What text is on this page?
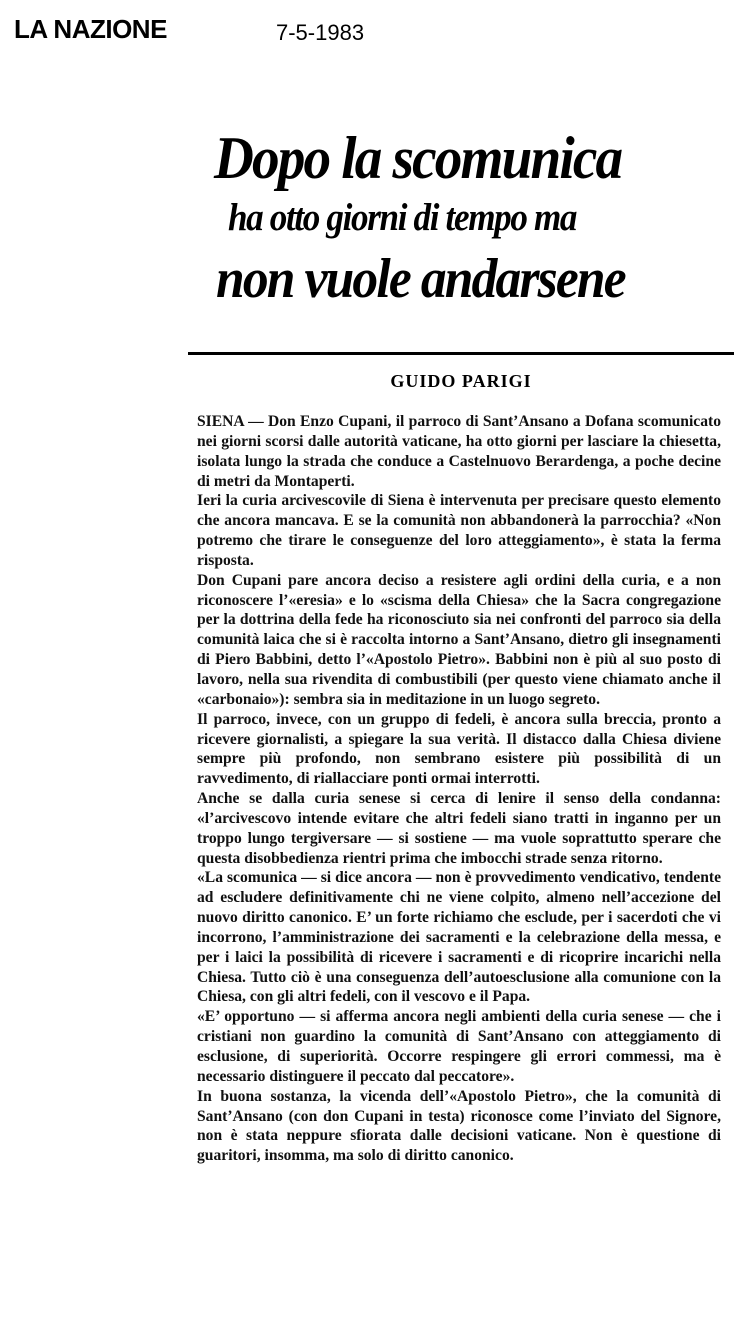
LA NAZIONE	7-5-1983
Dopo la scomunica
ha otto giorni di tempo ma
non vuole andarsene
GUIDO PARIGI

SIENA — Don Enzo Cupani, il parroco di Sant’Ansano a Dofana scomunicato nei giorni scorsi dalle autorità vaticane, ha otto giorni per lasciare la chiesetta, isolata lungo la strada che conduce a Castelnuovo Berardenga, a poche decine di metri da Montaperti.

Ieri la curia arcivescovile di Siena è intervenuta per precisare questo elemento che ancora mancava. E se la comunità non abbandonerà la parrocchia? «Non potremo che tirare le conseguenze del loro atteggiamento», è stata la ferma risposta.

Don Cupani pare ancora deciso a resistere agli ordini della curia, e a non riconoscere l’«eresia» e lo «scisma della Chiesa» che la Sacra congregazione per la dottrina della fede ha riconosciuto sia nei confronti del parroco sia della comunità laica che si è raccolta intorno a Sant’Ansano, dietro gli insegnamenti di Piero Babbini, detto l’«Apostolo Pietro». Babbini non è più al suo posto di lavoro, nella sua rivendita di combustibili (per questo viene chiamato anche il «carbonaio»): sembra sia in meditazione in un luogo segreto.

Il parroco, invece, con un gruppo di fedeli, è ancora sulla breccia, pronto a ricevere giornalisti, a spiegare la sua verità. Il distacco dalla Chiesa diviene sempre più profondo, non sembrano esistere più possibilità di un ravvedimento, di riallacciare ponti ormai interrotti.

Anche se dalla curia senese si cerca di lenire il senso della condanna: «l’arcivescovo intende evitare che altri fedeli siano tratti in inganno per un troppo lungo tergiversare — si sostiene — ma vuole soprattutto sperare che questa disobbedienza rientri prima che imbocchi strade senza ritorno.

«La scomunica — si dice ancora — non è provvedimento vendicativo, tendente ad escludere definitivamente chi ne viene colpito, almeno nell’accezione del nuovo diritto canonico. E’ un forte richiamo che esclude, per i sacerdoti che vi incorrono, l’amministrazione dei sacramenti e la celebrazione della messa, e per i laici la possibilità di ricevere i sacramenti e di ricoprire incarichi nella Chiesa. Tutto ciò è una conseguenza dell’autoesclusione alla comunione con la Chiesa, con gli altri fedeli, con il vescovo e il Papa.

«E’ opportuno — si afferma ancora negli ambienti della curia senese — che i cristiani non guardino la comunità di Sant’Ansano con atteggiamento di esclusione, di superiorità. Occorre respingere gli errori commessi, ma è necessario distinguere il peccato dal peccatore».

In buona sostanza, la vicenda dell’«Apostolo Pietro», che la comunità di Sant’Ansano (con don Cupani in testa) riconosce come l’inviato del Signore, non è stata neppure sfiorata dalle decisioni vaticane. Non è questione di guaritori, insomma, ma solo di diritto canonico.
